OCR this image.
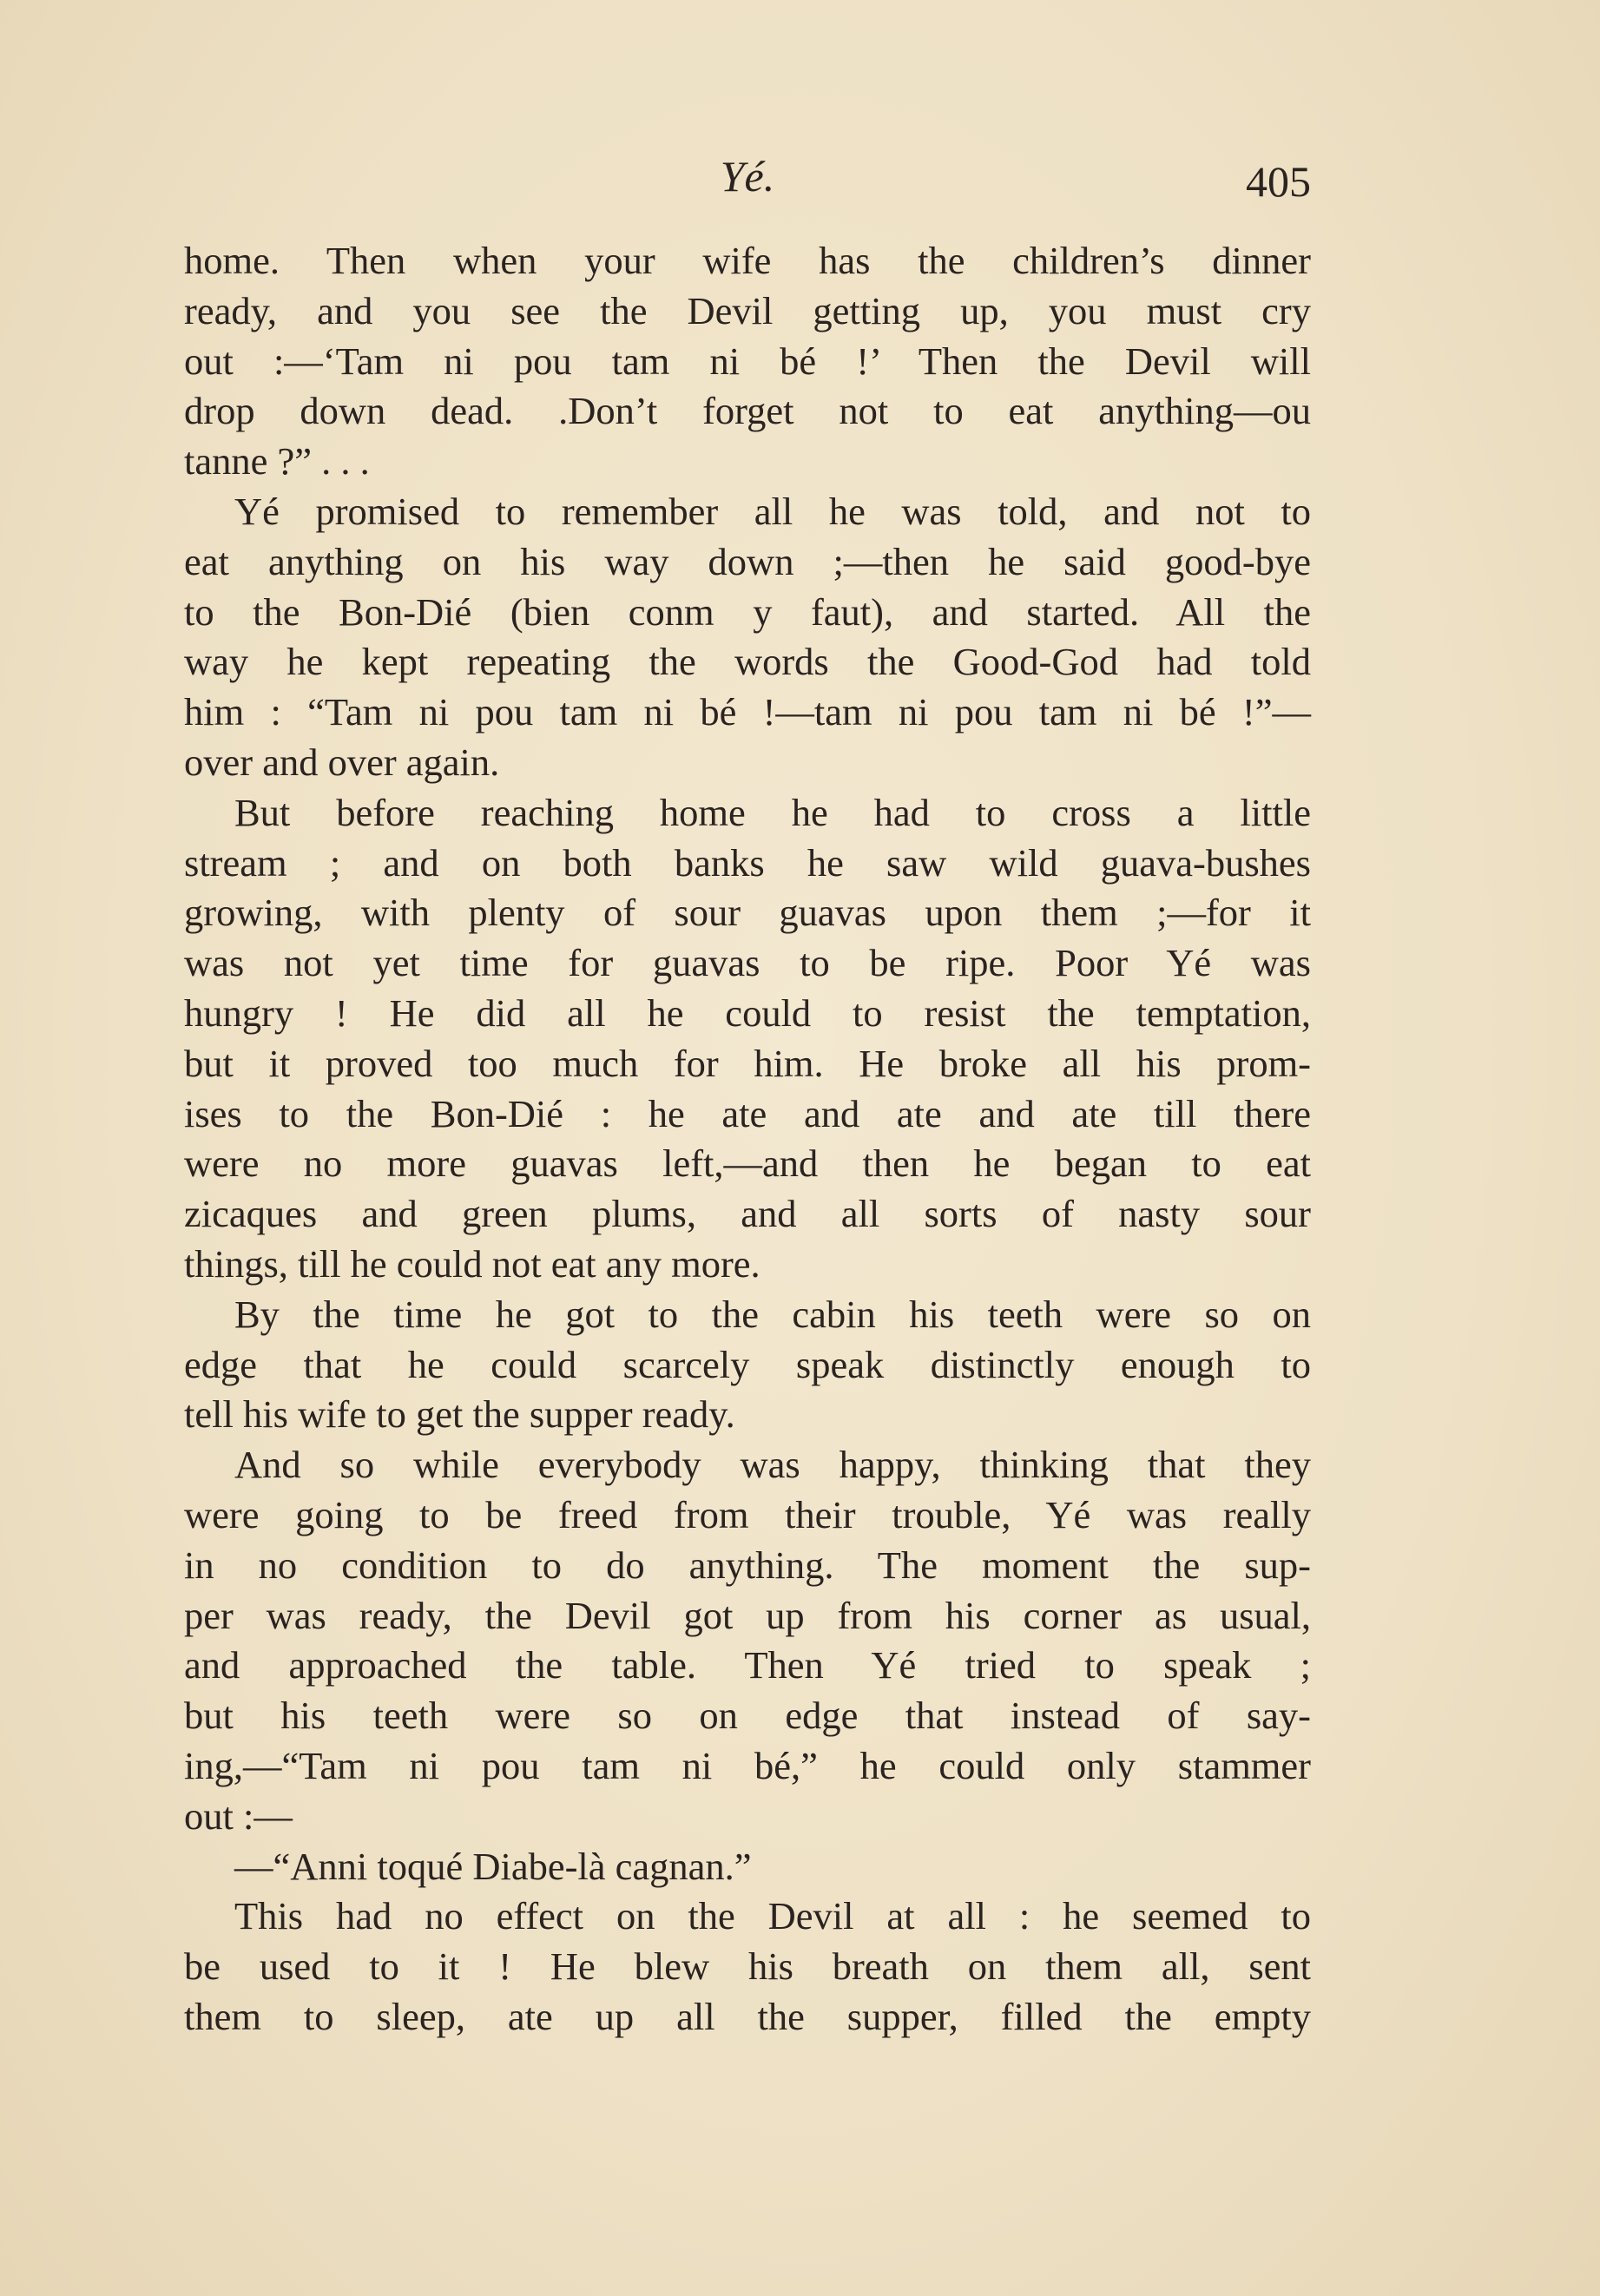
Yé.	405
home. Then when your wife has the children’s dinner
ready, and you see the Devil getting up, you must cry
out :—‘Tam ni pou tam ni bé !’ Then the Devil will
drop down dead. .Don’t forget not to eat anything—ou
tanne ?” . . .
Yé promised to remember all he was told, and not to
eat anything on his way down ;—then he said good-bye
to the Bon-Dié (bien conm y faut), and started. All the
way he kept repeating the words the Good-God had told
him : “Tam ni pou tam ni bé !—tam ni pou tam ni bé !”—
over and over again.
But before reaching home he had to cross a little
stream ; and on both banks he saw wild guava-bushes
growing, with plenty of sour guavas upon them ;—for it
was not yet time for guavas to be ripe. Poor Yé was
hungry ! He did all he could to resist the temptation,
but it proved too much for him. He broke all his prom-
ises to the Bon-Dié : he ate and ate and ate till there
were no more guavas left,—and then he began to eat
zicaques and green plums, and all sorts of nasty sour
things, till he could not eat any more.
By the time he got to the cabin his teeth were so on
edge that he could scarcely speak distinctly enough to
tell his wife to get the supper ready.
And so while everybody was happy, thinking that they
were going to be freed from their trouble, Yé was really
in no condition to do anything. The moment the sup-
per was ready, the Devil got up from his corner as usual,
and approached the table. Then Yé tried to speak ;
but his teeth were so on edge that instead of say-
ing,—“Tam ni pou tam ni bé,” he could only stammer
out :—
—“Anni toqué Diabe-là cagnan.”
This had no effect on the Devil at all : he seemed to
be used to it ! He blew his breath on them all, sent
them to sleep, ate up all the supper, filled the empty
